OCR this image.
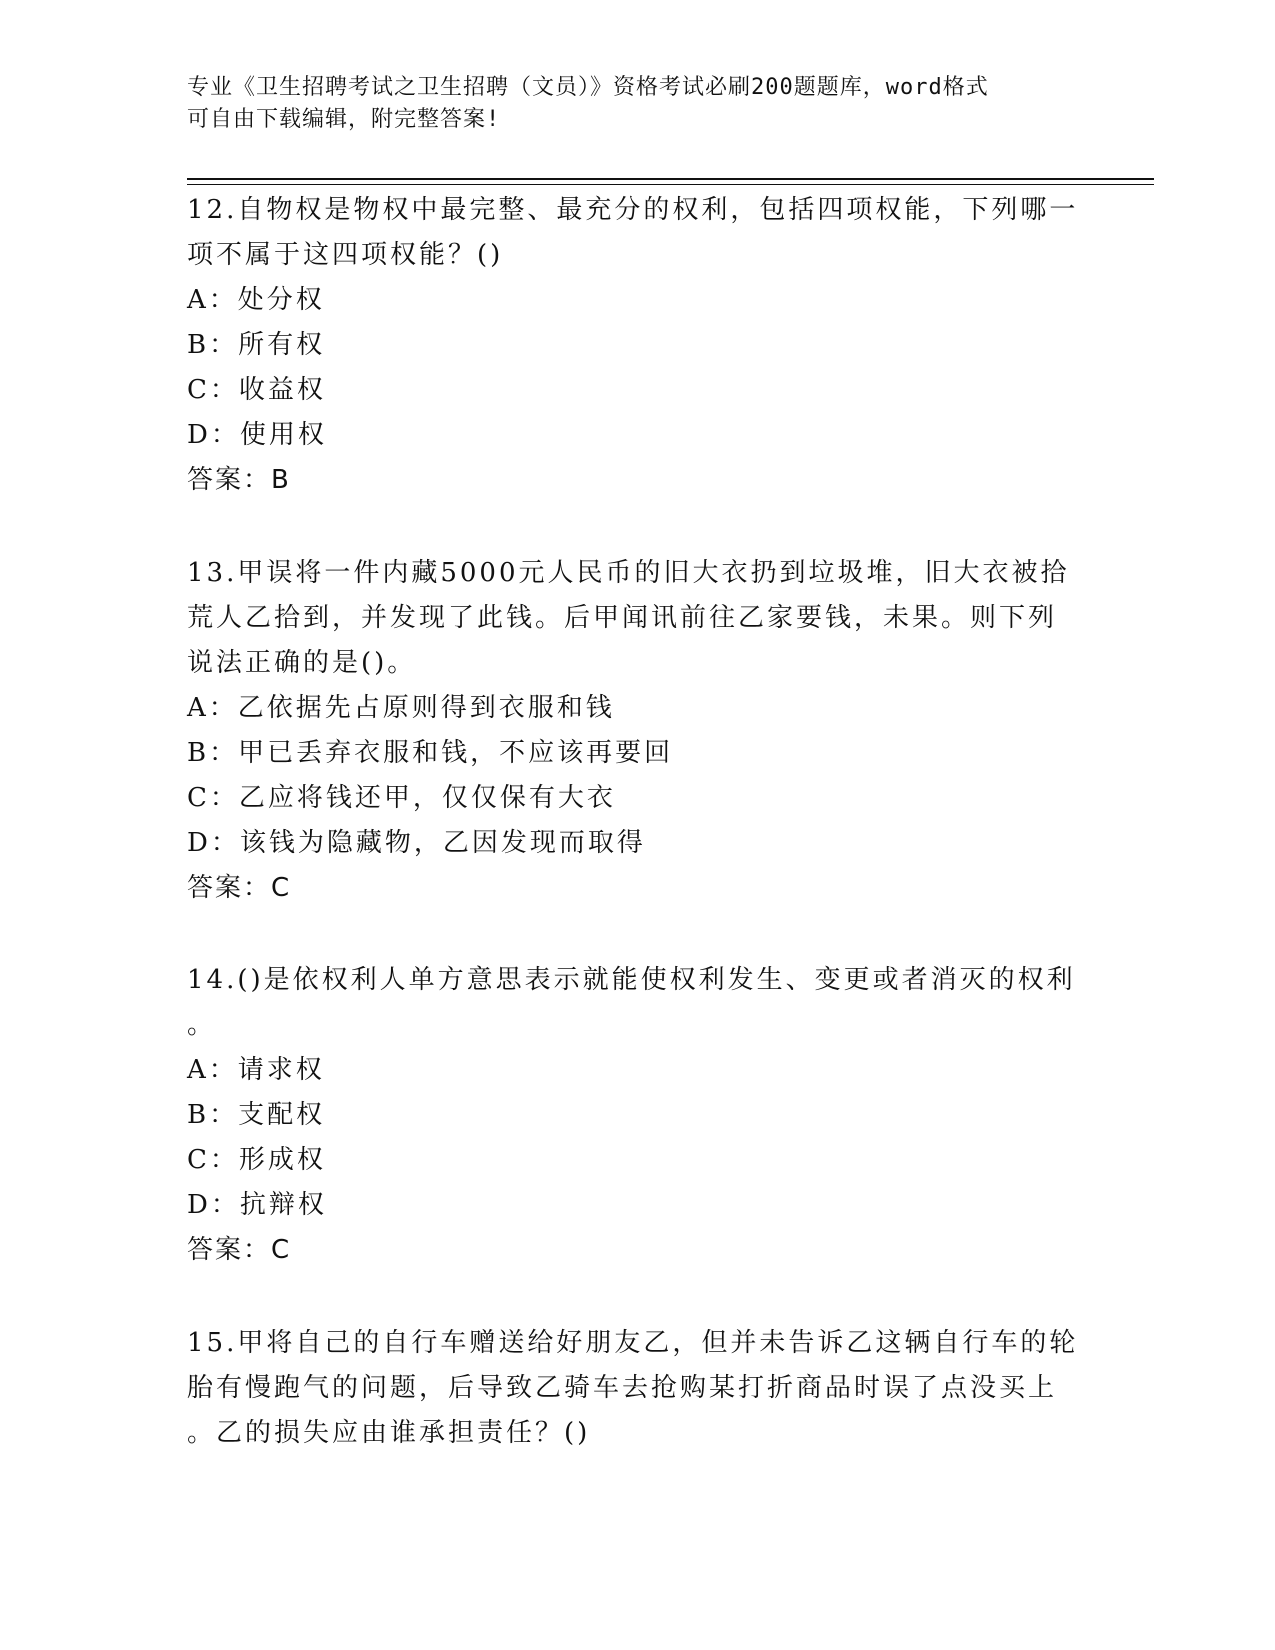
专业《卫生招聘考试之卫生招聘（文员）》资格考试必刷200题题库，word格式
可自由下载编辑，附完整答案!

12.自物权是物权中最完整、最充分的权利，包括四项权能，下列哪一

项不属于这四项权能？()

A： 处分权

B： 所有权

C： 收益权

D： 使用权

答案：B

13.甲误将一件内藏5000元人民币的旧大衣扔到垃圾堆，旧大衣被拾

荒人乙拾到，并发现了此钱。后甲闻讯前往乙家要钱，未果。则下列

说法正确的是()。

A： 乙依据先占原则得到衣服和钱

B： 甲已丢弃衣服和钱，不应该再要回

C： 乙应将钱还甲，仅仅保有大衣

D： 该钱为隐藏物，乙因发现而取得

答案：C

14.()是依权利人单方意思表示就能使权利发生、变更或者消灭的权利

。

A： 请求权

B： 支配权

C： 形成权

D： 抗辩权

答案：C

15.甲将自己的自行车赠送给好朋友乙，但并未告诉乙这辆自行车的轮

胎有慢跑气的问题，后导致乙骑车去抢购某打折商品时误了点没买上

。乙的损失应由谁承担责任？()
